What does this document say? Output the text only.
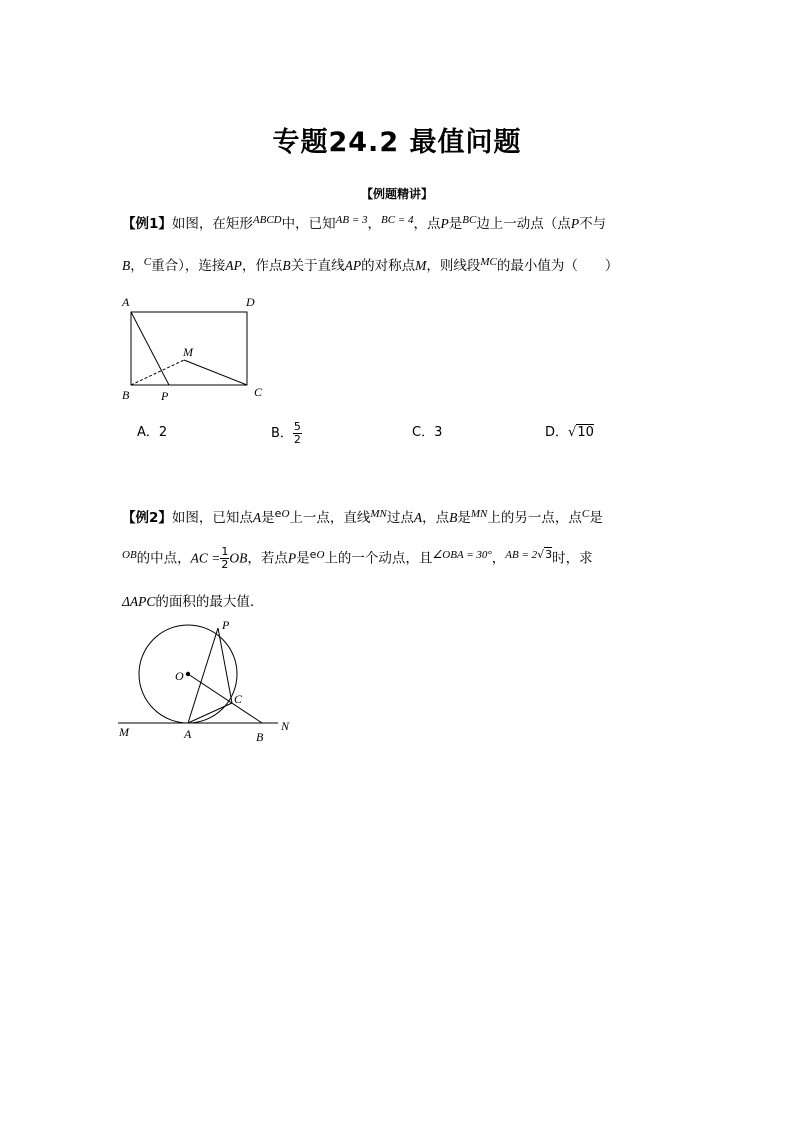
专题24.2 最值问题
【例题精讲】
【例1】如图，在矩形$^{ABCD}$中，已知$^{AB = 3}$，$^{BC = 4}$，点P是$^{BC}$边上一动点（点P不与
B，$^C$重合），连接AP，作点B关于直线AP的对称点M，则线段$^{MC}$的最小值为（　　）
A	D
M
B	P	C
A．2	B． $\frac{5}{2}$	C．3	D．√10
【例2】如图，已知点A是$^{eO}$上一点，直线$^{MN}$过点A，点B是$^{MN}$上的另一点，点$^C$是
$^{OB}$的中点，AC = $\frac{1}{2}$ OB，若点P是$^{eO}$上的一个动点，且$^{\angle OBA = 30^\circ}$，$^{AB = 2√3}$时，求
ΔAPC的面积的最大值．
P
O
C
M	A	B
N
